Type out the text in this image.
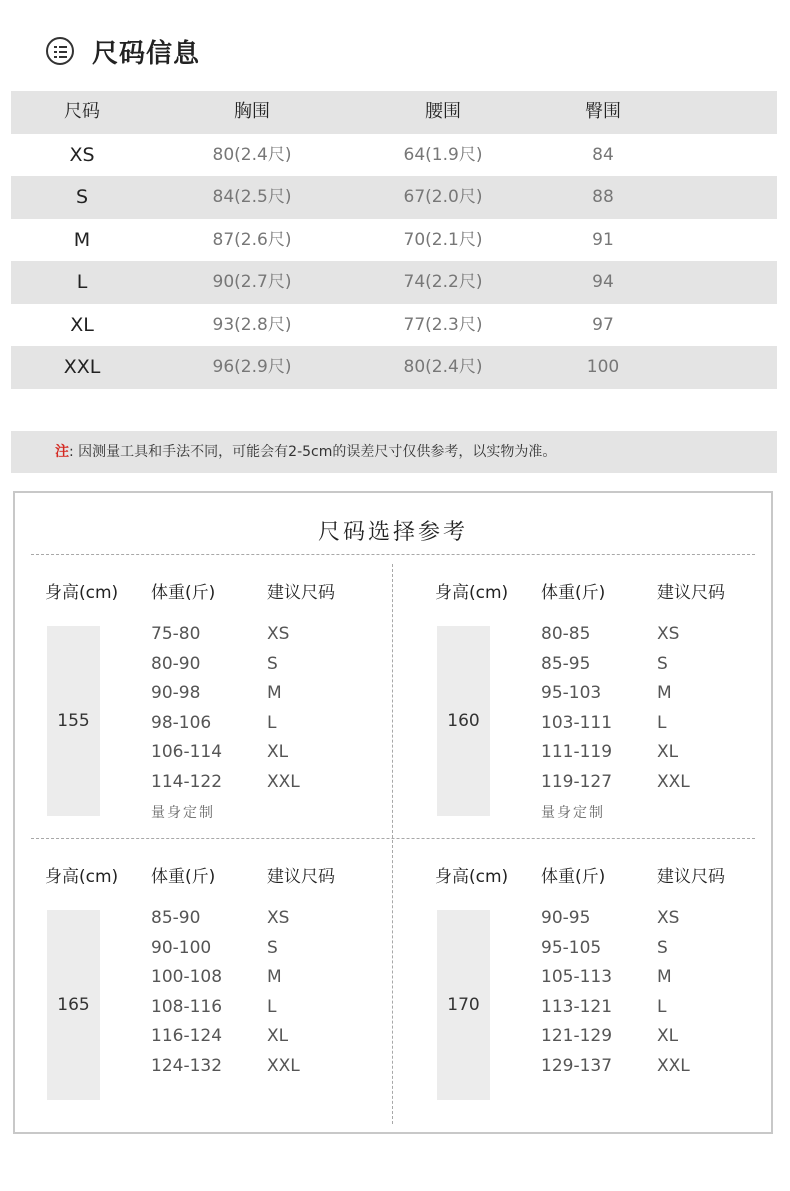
尺码信息
尺码	胸围	腰围	臀围
XS	80(2.4尺)	64(1.9尺)	84
S	84(2.5尺)	67(2.0尺)	88
M	87(2.6尺)	70(2.1尺)	91
L	90(2.7尺)	74(2.2尺)	94
XL	93(2.8尺)	77(2.3尺)	97
XXL	96(2.9尺)	80(2.4尺)	100
注: 因测量工具和手法不同，可能会有2-5cm的误差尺寸仅供参考，以实物为准。
尺码选择参考
身高(cm) 体重(斤)	建议尺码
155
75-80	XS
80-90	S
90-98	M
98-106	L
106-114	XL
114-122	XXL
量身定制
身高(cm) 体重(斤)	建议尺码
160
80-85	XS
85-95	S
95-103	M
103-111	L
111-119	XL
119-127	XXL
量身定制
身高(cm) 体重(斤)	建议尺码
165
85-90	XS
90-100	S
100-108	M
108-116	L
116-124	XL
124-132	XXL
身高(cm) 体重(斤)	建议尺码
170
90-95	XS
95-105	S
105-113	M
113-121	L
121-129	XL
129-137	XXL
